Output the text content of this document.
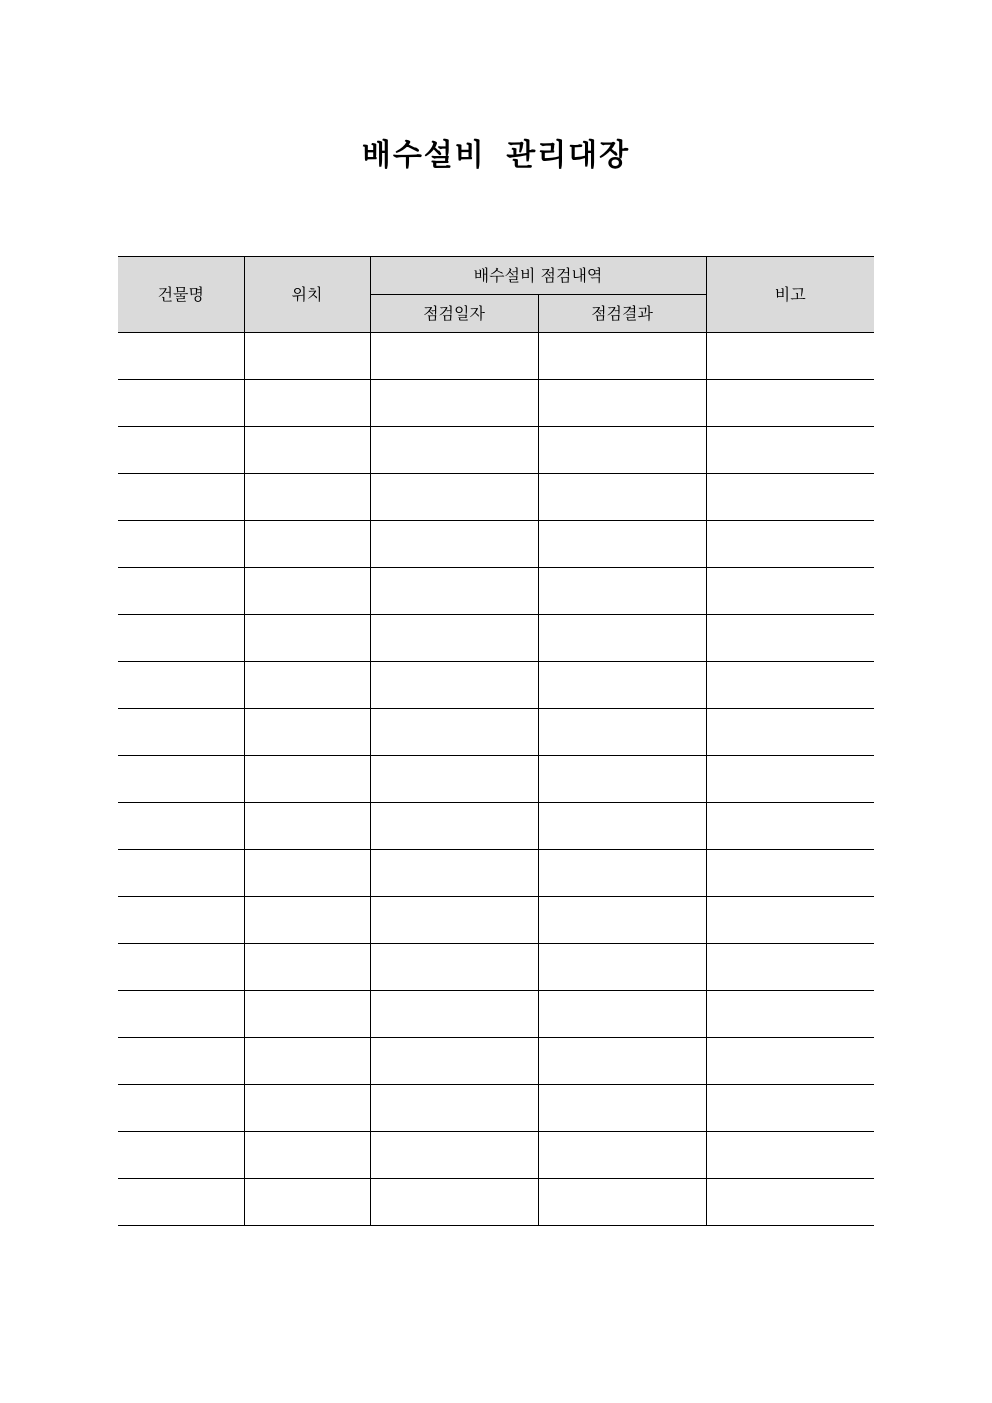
배수설비 관리대장
건물명	위치	배수설비 점검내역		비고
		점검일자	점검결과	
